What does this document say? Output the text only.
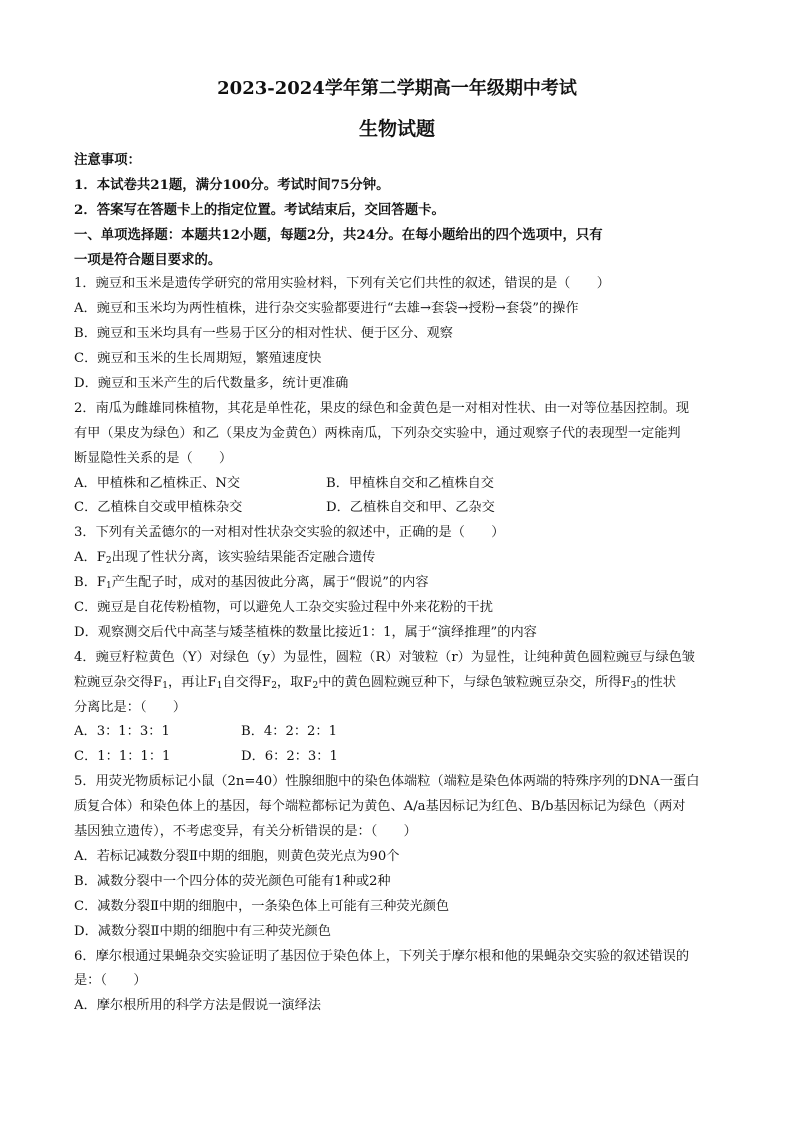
2023-2024学年第二学期高一年级期中考试
生物试题
注意事项：
1．本试卷共21题，满分100分。考试时间75分钟。
2．答案写在答题卡上的指定位置。考试结束后，交回答题卡。
一、单项选择题：本题共12小题，每题2分，共24分。在每小题给出的四个选项中，只有
一项是符合题目要求的。
1．豌豆和玉米是遗传学研究的常用实验材料，下列有关它们共性的叙述，错误的是（　　）
A．豌豆和玉米均为两性植株，进行杂交实验都要进行“去雄→套袋→授粉→套袋”的操作
B．豌豆和玉米均具有一些易于区分的相对性状、便于区分、观察
C．豌豆和玉米的生长周期短，繁殖速度快
D．豌豆和玉米产生的后代数量多，统计更准确
2．南瓜为雌雄同株植物，其花是单性花，果皮的绿色和金黄色是一对相对性状、由一对等位基因控制。现
有甲（果皮为绿色）和乙（果皮为金黄色）两株南瓜，下列杂交实验中，通过观察子代的表现型一定能判
断显隐性关系的是（　　）
A．甲植株和乙植株正、N交	B．甲植株自交和乙植株自交
C．乙植株自交或甲植株杂交	D．乙植株自交和甲、乙杂交
3．下列有关孟德尔的一对相对性状杂交实验的叙述中，正确的是（　　）
A．$F_2$出现了性状分离，该实验结果能否定融合遗传
B．$F_1$产生配子时，成对的基因彼此分离，属于“假说”的内容
C．豌豆是自花传粉植物，可以避免人工杂交实验过程中外来花粉的干扰
D．观察测交后代中高茎与矮茎植株的数量比接近1：1，属于“演绎推理”的内容
4．豌豆籽粒黄色（Y）对绿色（y）为显性，圆粒（R）对皱粒（r）为显性，让纯种黄色圆粒豌豆与绿色皱
粒豌豆杂交得$F_1$，再让$F_1$自交得$F_2$，取$F_2$中的黄色圆粒豌豆种下，与绿色皱粒豌豆杂交，所得$F_3$的性状
分离比是：（　　）
A．3：1：3：1	B．4：2：2：1
C．1：1：1：1	D．6：2：3：1
5．用荧光物质标记小鼠（2n=40）性腺细胞中的染色体端粒（端粒是染色体两端的特殊序列的DNA一蛋白
质复合体）和染色体上的基因，每个端粒都标记为黄色、A/a基因标记为红色、B/b基因标记为绿色（两对
基因独立遗传），不考虑变异，有关分析错误的是：（　　）
A．若标记减数分裂Ⅱ中期的细胞，则黄色荧光点为90个
B．减数分裂中一个四分体的荧光颜色可能有1种或2种
C．减数分裂Ⅱ中期的细胞中，一条染色体上可能有三种荧光颜色
D．减数分裂Ⅱ中期的细胞中有三种荧光颜色
6．摩尔根通过果蝇杂交实验证明了基因位于染色体上，下列关于摩尔根和他的果蝇杂交实验的叙述错误的
是：（　　）
A．摩尔根所用的科学方法是假说一演绎法
